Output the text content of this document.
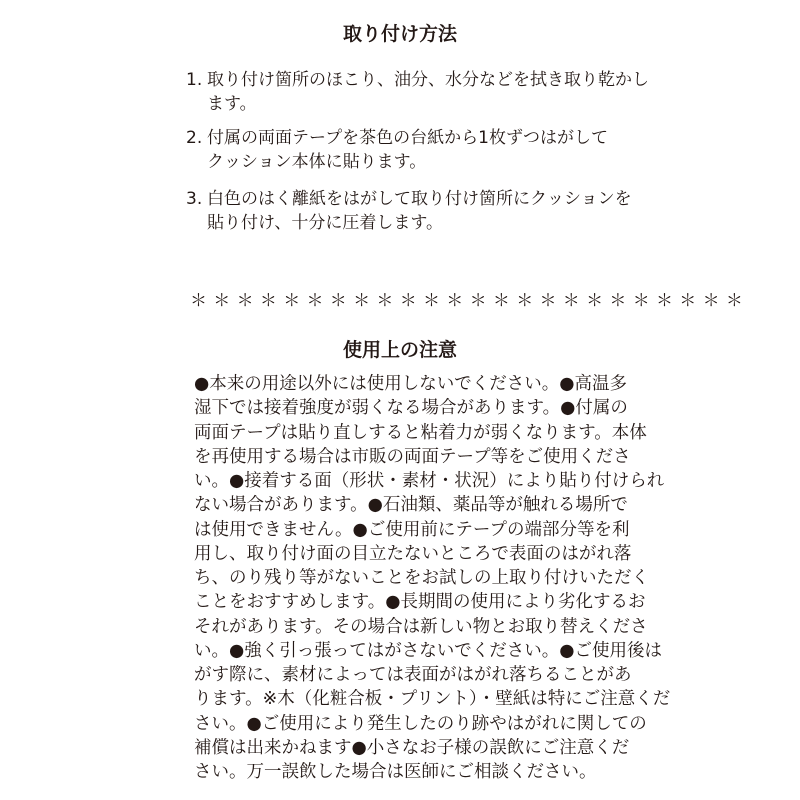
取り付け方法
1. 取り付け箇所のほこり、油分、水分などを拭き取り乾かし
ます。
2. 付属の両面テープを茶色の台紙から1枚ずつはがして
クッション本体に貼ります。
3. 白色のはく離紙をはがして取り付け箇所にクッションを
貼り付け、十分に圧着します。
＊＊＊＊＊＊＊＊＊＊＊＊＊＊＊＊＊＊＊＊＊＊＊＊
使用上の注意
●本来の用途以外には使用しないでください。●高温多
湿下では接着強度が弱くなる場合があります。●付属の
両面テープは貼り直しすると粘着力が弱くなります。本体
を再使用する場合は市販の両面テープ等をご使用くださ
い。●接着する面（形状・素材・状況）により貼り付けられ
ない場合があります。●石油類、薬品等が触れる場所で
は使用できません。●ご使用前にテープの端部分等を利
用し、取り付け面の目立たないところで表面のはがれ落
ち、のり残り等がないことをお試しの上取り付けいただく
ことをおすすめします。●長期間の使用により劣化するお
それがあります。その場合は新しい物とお取り替えくださ
い。●強く引っ張ってはがさないでください。●ご使用後は
がす際に、素材によっては表面がはがれ落ちることがあ
ります。※木（化粧合板・プリント）・壁紙は特にご注意くだ
さい。●ご使用により発生したのり跡やはがれに関しての
補償は出来かねます●小さなお子様の誤飲にご注意くだ
さい。万一誤飲した場合は医師にご相談ください。
